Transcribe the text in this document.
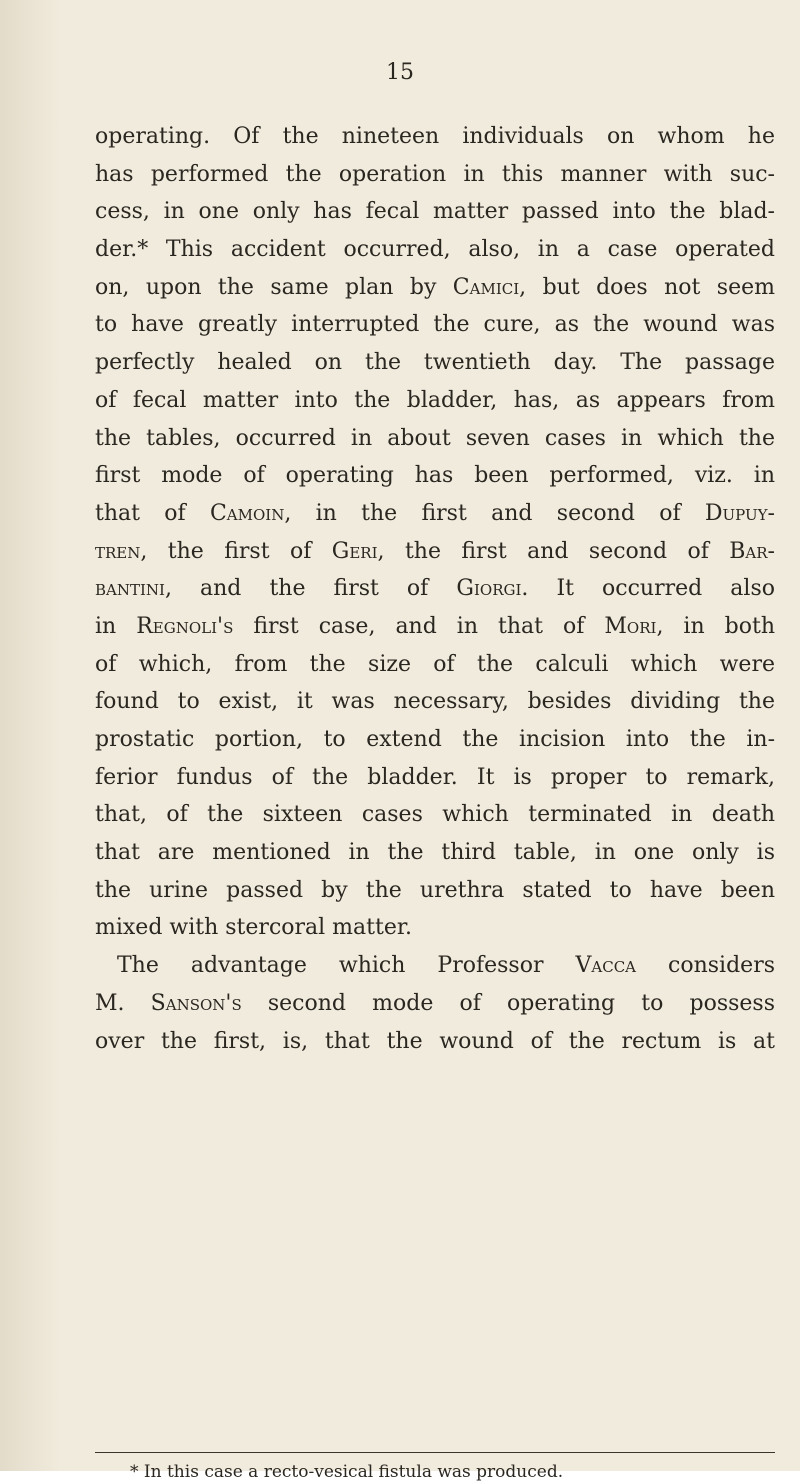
15
operating. Of the nineteen individuals on whom he
has performed the operation in this manner with suc-
cess, in one only has fecal matter passed into the blad-
der.* This accident occurred, also, in a case operated
on, upon the same plan by Camici, but does not seem
to have greatly interrupted the cure, as the wound was
perfectly healed on the twentieth day. The passage
of fecal matter into the bladder, has, as appears from
the tables, occurred in about seven cases in which the
first mode of operating has been performed, viz. in
that of Camoin, in the first and second of Dupuy-
tren, the first of Geri, the first and second of Bar-
bantini, and the first of Giorgi. It occurred also
in Regnoli's first case, and in that of Mori, in both
of which, from the size of the calculi which were
found to exist, it was necessary, besides dividing the
prostatic portion, to extend the incision into the in-
ferior fundus of the bladder. It is proper to remark,
that, of the sixteen cases which terminated in death
that are mentioned in the third table, in one only is
the urine passed by the urethra stated to have been
mixed with stercoral matter.
The advantage which Professor Vacca considers
M. Sanson's second mode of operating to possess
over the first, is, that the wound of the rectum is at
* In this case a recto-vesical fistula was produced.
